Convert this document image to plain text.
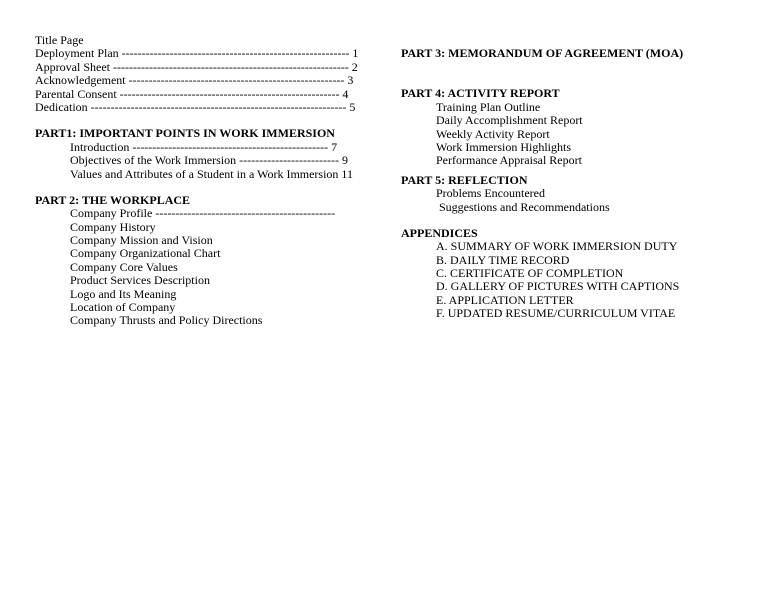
Title Page
Deployment Plan --------------------------------------------------------- 1
Approval Sheet ----------------------------------------------------------- 2
Acknowledgement ------------------------------------------------------ 3
Parental Consent ------------------------------------------------------- 4
Dedication ---------------------------------------------------------------- 5
PART1: IMPORTANT POINTS IN WORK IMMERSION
Introduction ------------------------------------------------- 7
Objectives of the Work Immersion ------------------------- 9
Values and Attributes of a Student in a Work Immersion 11
PART 2: THE WORKPLACE
Company Profile ---------------------------------------------
Company History
Company Mission and Vision
Company Organizational Chart
Company Core Values
Product Services Description
Logo and Its Meaning
Location of Company
Company Thrusts and Policy Directions
PART 3: MEMORANDUM OF AGREEMENT (MOA)
PART 4: ACTIVITY REPORT
Training Plan Outline
Daily Accomplishment Report
Weekly Activity Report
Work Immersion Highlights
Performance Appraisal Report
PART 5: REFLECTION
Problems Encountered
Suggestions and Recommendations
APPENDICES
A. SUMMARY OF WORK IMMERSION DUTY
B. DAILY TIME RECORD
C. CERTIFICATE OF COMPLETION
D. GALLERY OF PICTURES WITH CAPTIONS
E. APPLICATION LETTER
F. UPDATED RESUME/CURRICULUM VITAE
